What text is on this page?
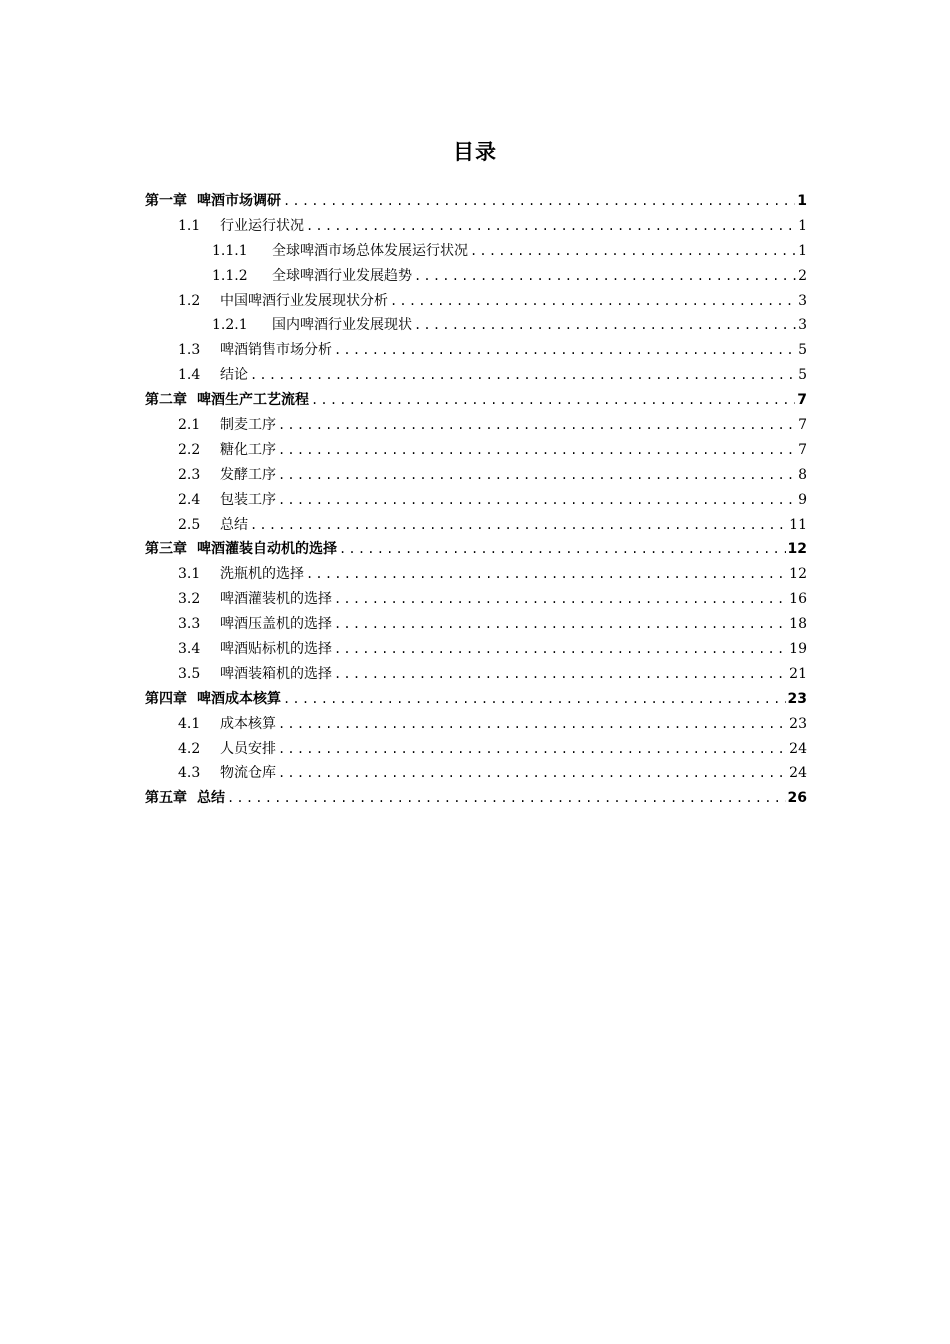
目录
第一章 啤酒市场调研 .....	1
1.1	行业运行状况 .....	1
1.1.1	全球啤酒市场总体发展运行状况 .....	1
1.1.2	全球啤酒行业发展趋势 .....	2
1.2	中国啤酒行业发展现状分析 .....	3
1.2.1	国内啤酒行业发展现状 .....	3
1.3	啤酒销售市场分析 .....	5
1.4	结论 .....	5
第二章 啤酒生产工艺流程 .....	7
2.1	制麦工序 .....	7
2.2	糖化工序 .....	7
2.3	发酵工序 .....	8
2.4	包装工序 .....	9
2.5	总结 .....	11
第三章 啤酒灌装自动机的选择 .....	12
3.1	洗瓶机的选择 .....	12
3.2	啤酒灌装机的选择 .....	16
3.3	啤酒压盖机的选择 .....	18
3.4	啤酒贴标机的选择 .....	19
3.5	啤酒装箱机的选择 .....	21
第四章 啤酒成本核算 .....	23
4.1	成本核算 .....	23
4.2	人员安排 .....	24
4.3	物流仓库 .....	24
第五章 总结 .....	26
